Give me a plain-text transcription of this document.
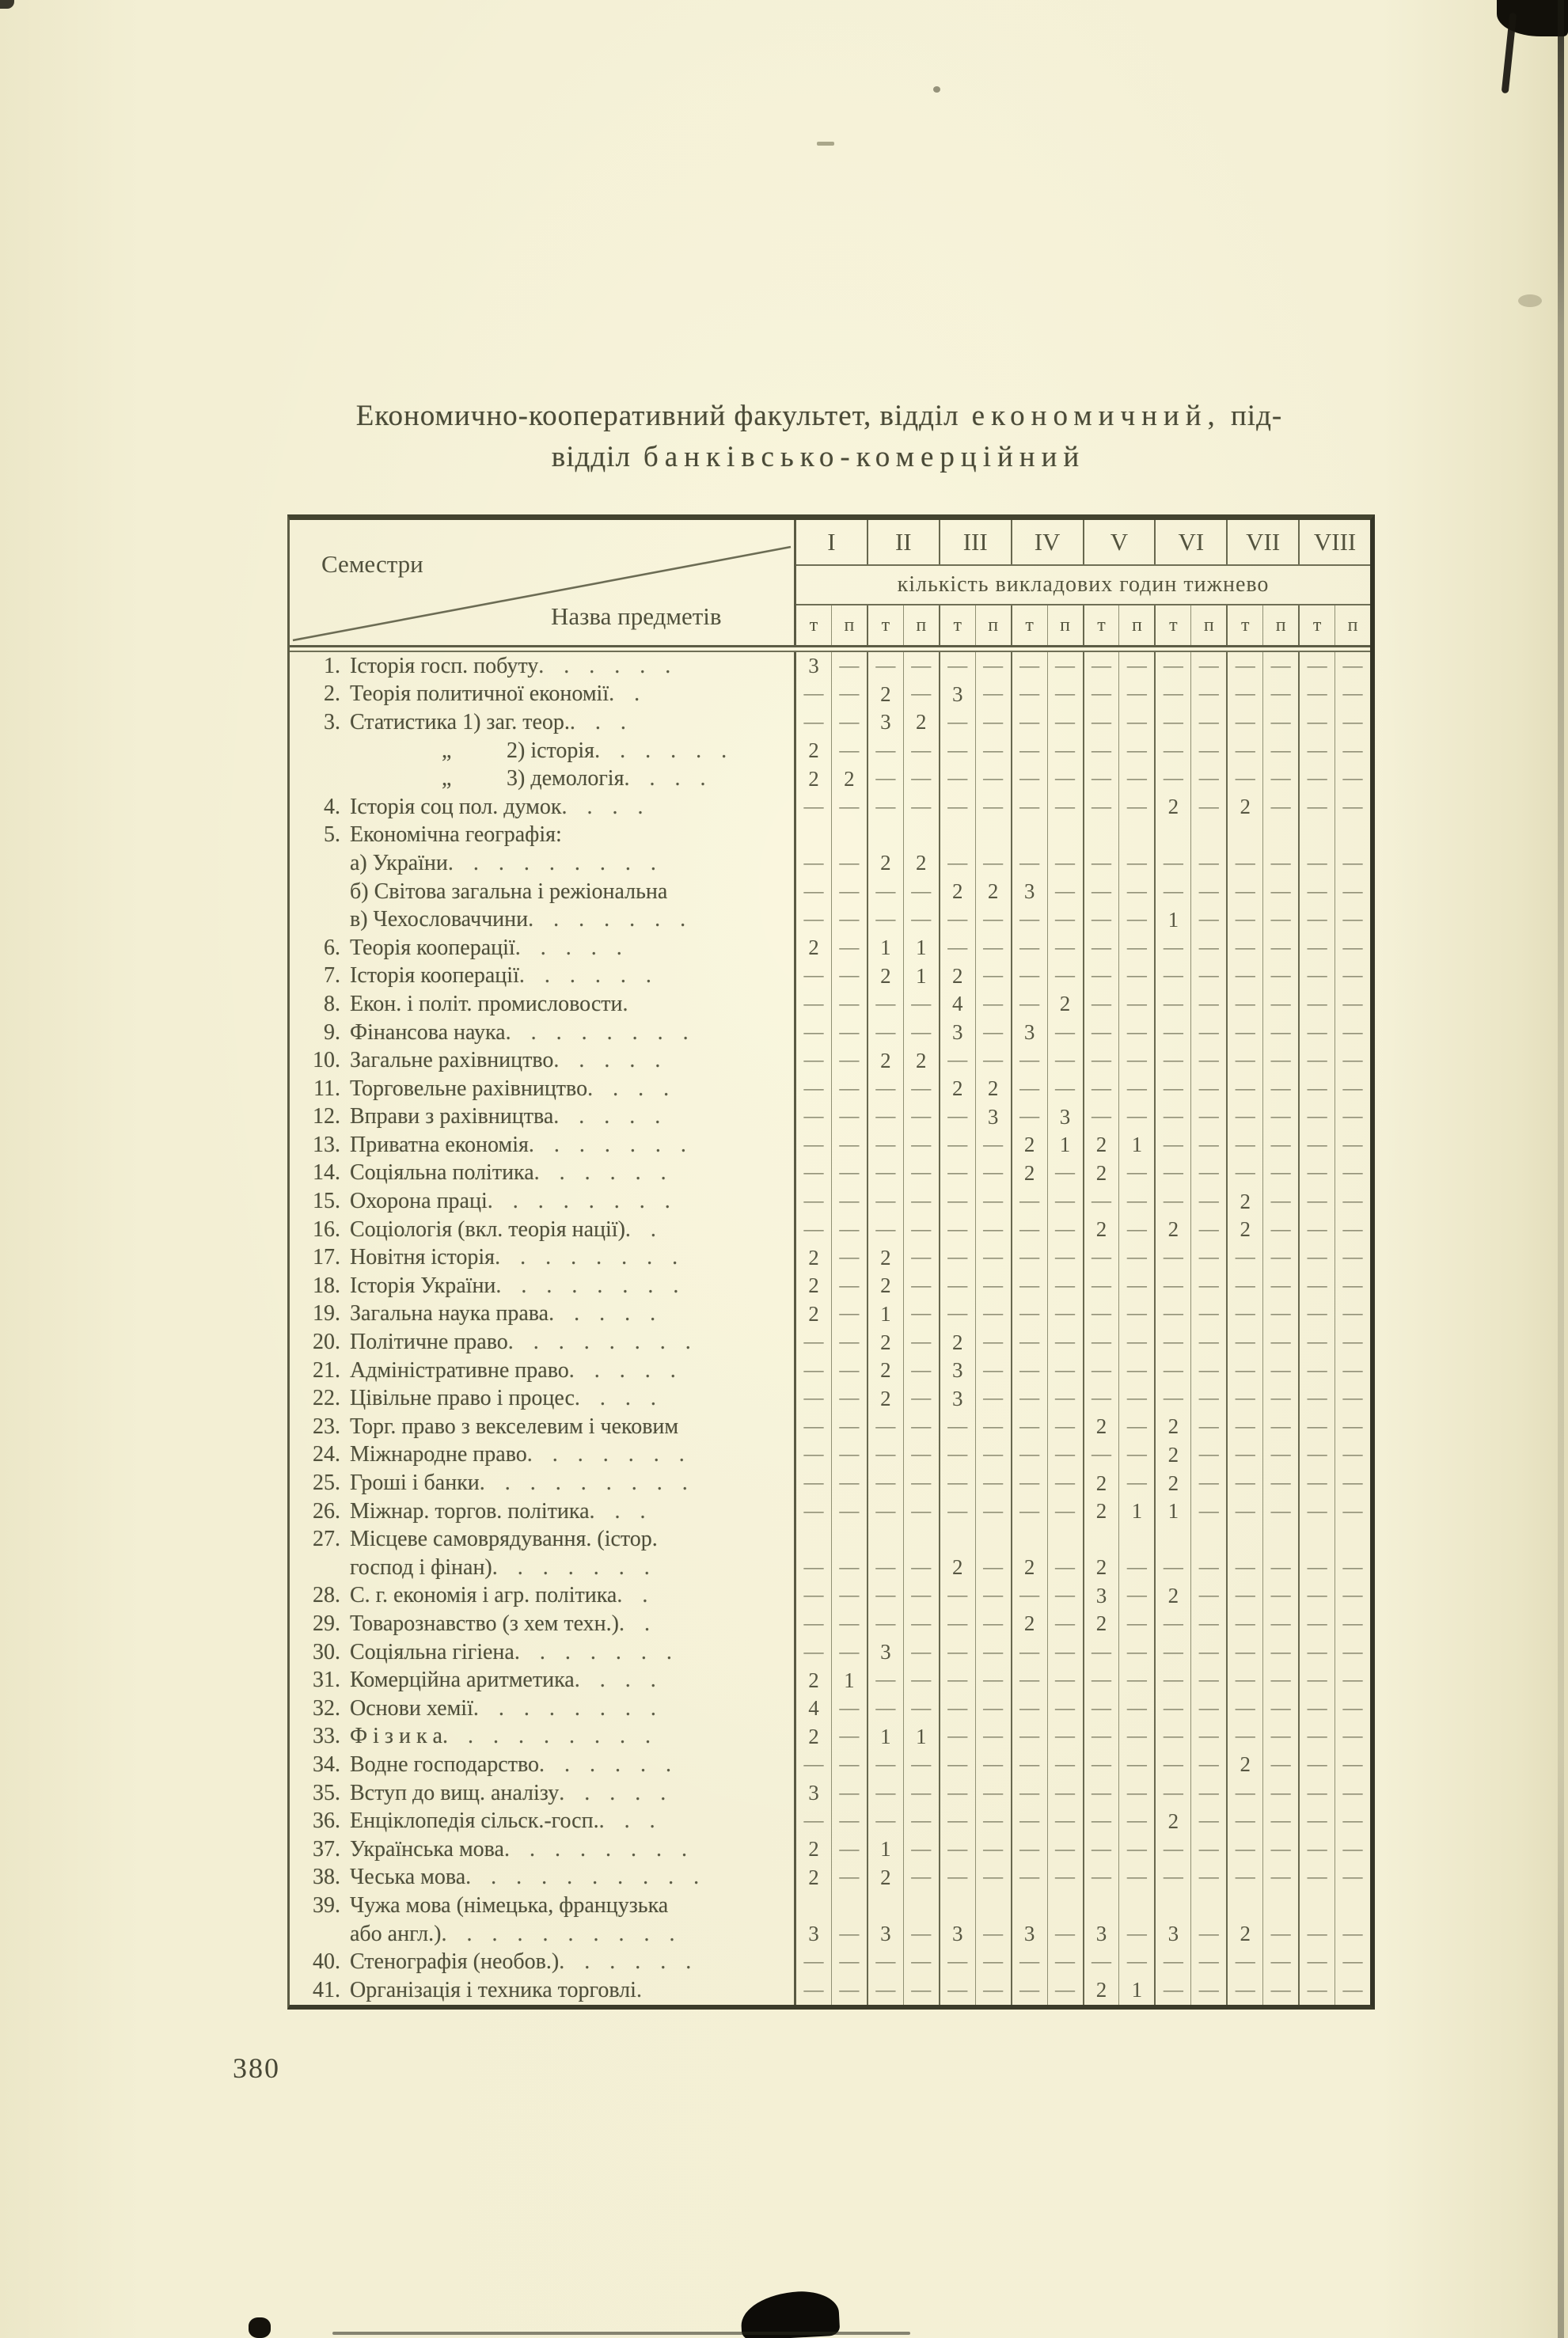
Економично-кооперативний факультет, відділ економичний, під-
відділ банківсько-комерційний
Семестри
Назва предметів
I	II	III	IV	V	VI	VII	VIII
кількість викладових годин тижнево
т	п	т	п	т	п	т	п	т	п	т	п	т	п	т	п
1. Історія госп. побуту . . . . . .	3	— — — — — — — — — — — — — — —
2. Теорія политичної економії . .	— — 2	— 3	— — — — — — — — — — —
3. Статистика 1) заг. теор. . . .	— — 3	2	— — — — — — — — — — — —
„	2) історія . . . . . .	2	— — — — — — — — — — — — — — —
„	3) демологія . . . .	2	2	— — — — — — — — — — — — — —
4. Історія соц пол. думок . . . .	— — — — — — — — — — 2	— 2	— — —
5. Економічна географія:
а) України . . . . . . . . .	— — 2	2	— — — — — — — — — — — —
б) Світова загальна і режіональна	— — — — 2	2	3	— — — — — — — — —
в) Чехословаччини . . . . . . .	— — — — — — — — — — 1	— — — — —
6. Теорія кооперації . . . . .	2	— 1	1	— — — — — — — — — — — —
7. Історія кооперації . . . . . .	— — 2	1	2	— — — — — — — — — — —
8. Екон. і політ. промисловости .	— — — — 4	— — 2	— — — — — — — —
9. Фінансова наука . . . . . . . .	— — — — 3	— 3	— — — — — — — — —
10. Загальне рахівництво . . . . .	— — 2	2	— — — — — — — — — — — —
11. Торговельне рахівництво . . . .	— — — — 2	2	— — — — — — — — — —
12. Вправи з рахівництва . . . . .	— — — — — 3	— 3	— — — — — — — —
13. Приватна економія . . . . . . .	— — — — — — 2	1	2	1	— — — — — —
14. Соціяльна політика . . . . . .	— — — — — — 2	— 2	— — — — — — —
15. Охорона праці . . . . . . . .	— — — — — — — — — — — — 2	— — —
16. Соціологія (вкл. теорія нації) . .	— — — — — — — — 2	— 2	— 2	— — —
17. Новітня історія . . . . . . . .	2	— 2	— — — — — — — — — — — — —
18. Історія України . . . . . . . .	2	— 2	— — — — — — — — — — — — —
19. Загальна наука права . . . . .	2	— 1	— — — — — — — — — — — — —
20. Політичне право . . . . . . . .	— — 2	— 2	— — — — — — — — — — —
21. Адміністративне право . . . . .	— — 2	— 3	— — — — — — — — — — —
22. Цівільне право і процес . . . .	— — 2	— 3	— — — — — — — — — — —
23. Торг. право з векселевим і чековим	— — — — — — — — 2	— 2	— — — — —
24. Міжнародне право . . . . . . .	— — — — — — — — — — 2	— — — — —
25. Гроші і банки . . . . . . . . .	— — — — — — — — 2	— 2	— — — — —
26. Міжнар. торгов. політика . . .	— — — — — — — — 2	1	1	— — — — —
27. Місцеве самоврядування. (істор.
господ і фінан) . . . . . . .	— — — — 2	— 2	— 2	— — — — — — —
28. С. г. економія і агр. політика . .	— — — — — — — — 3	— 2	— — — — —
29. Товарознавство (з хем техн.) . .	— — — — — — 2	— 2	— — — — — — —
30. Соціяльна гігіена . . . . . . .	— — 3	— — — — — — — — — — — — —
31. Комерційна аритметика . . . .	2	1	— — — — — — — — — — — — — —
32. Основи хемії . . . . . . . .	4	— — — — — — — — — — — — — — —
33. Ф і з и к а . . . . . . . . .	2	— 1	1	— — — — — — — — — — — —
34. Водне господарство . . . . . .	— — — — — — — — — — — — 2	— — —
35. Вступ до вищ. аналізу . . . . .	3	— — — — — — — — — — — — — — —
36. Енціклопедія сільск.-госп. . . .	— — — — — — — — — — 2	— — — — —
37. Українська мова . . . . . . . .	2	— 1	— — — — — — — — — — — — —
38. Чеська мова . . . . . . . . . .	2	— 2	— — — — — — — — — — — — —
39. Чужа мова (німецька, французька
або англ.) . . . . . . . . . .	3	— 3	— 3	— 3	— 3	— 3	— 2	— — —
40. Стенографія (необов.) . . . . . .	— — — — — — — — — — — — — — — —
41. Організація і техника торговлі .	— — — — — — — — 2	1	— — — — — —
380
